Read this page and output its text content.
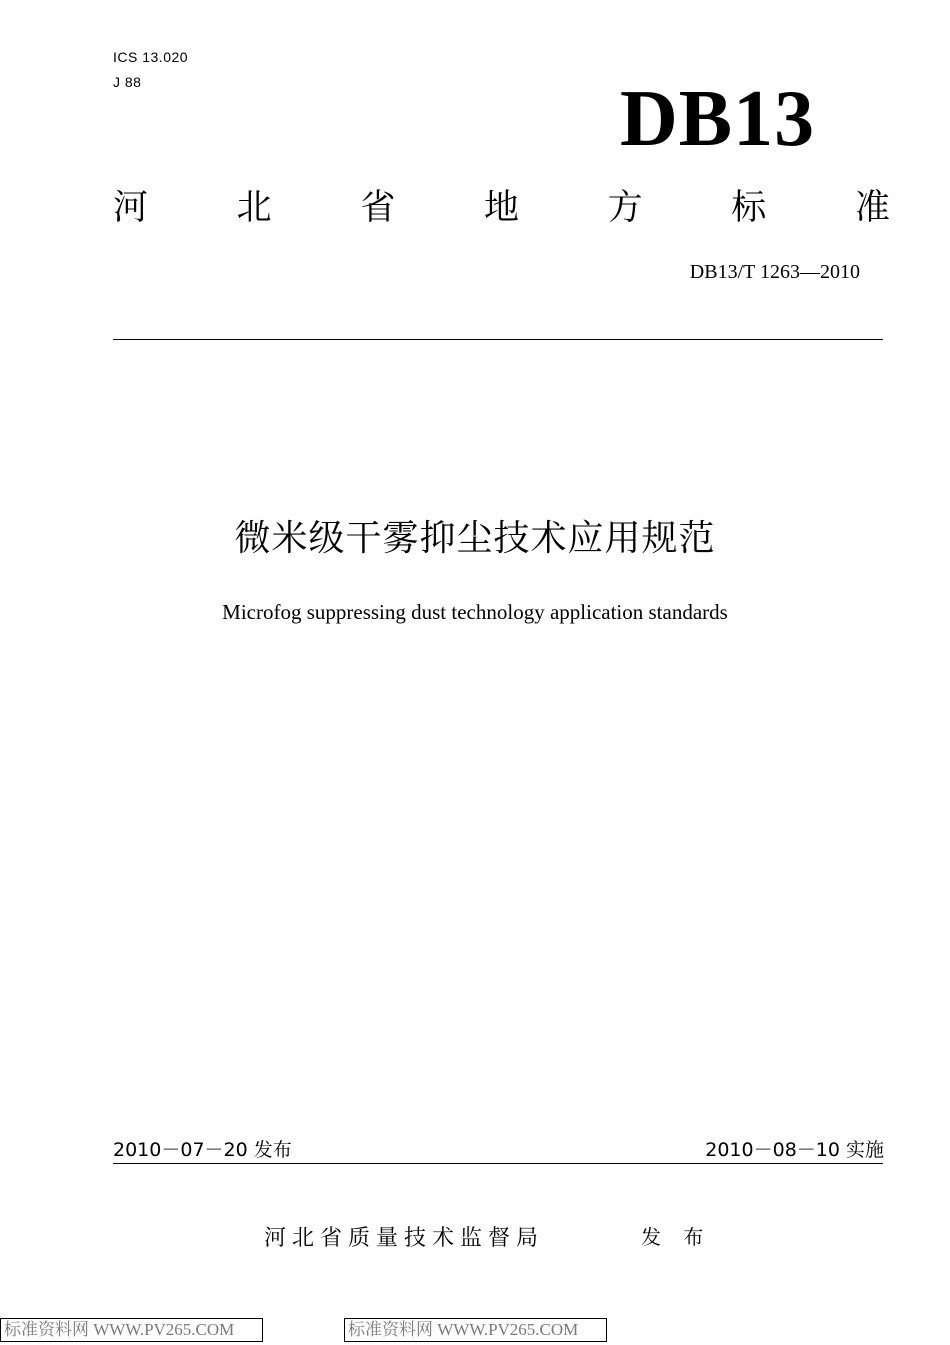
ICS 13.020
J 88	DB13
河	北	省	地	方	标	准
DB13/T 1263—2010
微米级干雾抑尘技术应用规范
Microfog suppressing dust technology application standards
2010－07－20 发布	2010－08－10 实施
河北省质量技术监督局	发 布
标准资料网 WWW.PV265.COM	标准资料网 WWW.PV265.COM
